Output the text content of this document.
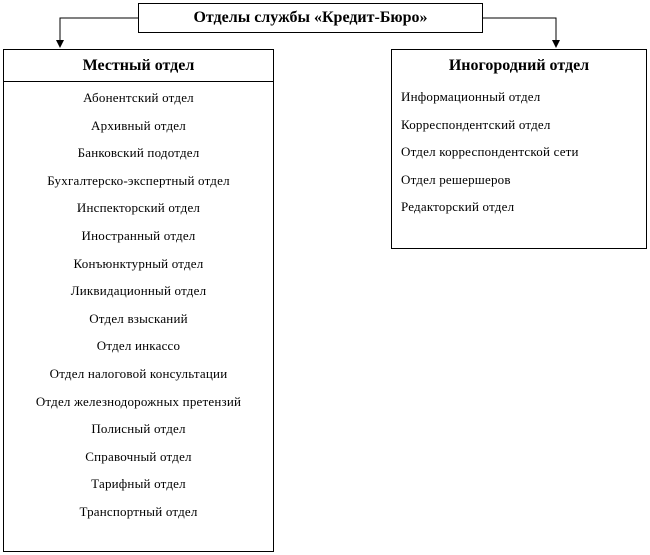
Отделы службы «Кредит-Бюро»
Местный отдел
Абонентский отдел
Архивный отдел
Банковский подотдел
Бухгалтерско-экспертный отдел
Инспекторский отдел
Иностранный отдел
Конъюнктурный отдел
Ликвидационный отдел
Отдел взысканий
Отдел инкассо
Отдел налоговой консультации
Отдел железнодорожных претензий
Полисный отдел
Справочный отдел
Тарифный отдел
Транспортный отдел
Иногородний отдел
Информационный отдел
Корреспондентский отдел
Отдел корреспондентской сети
Отдел решершеров
Редакторский отдел
